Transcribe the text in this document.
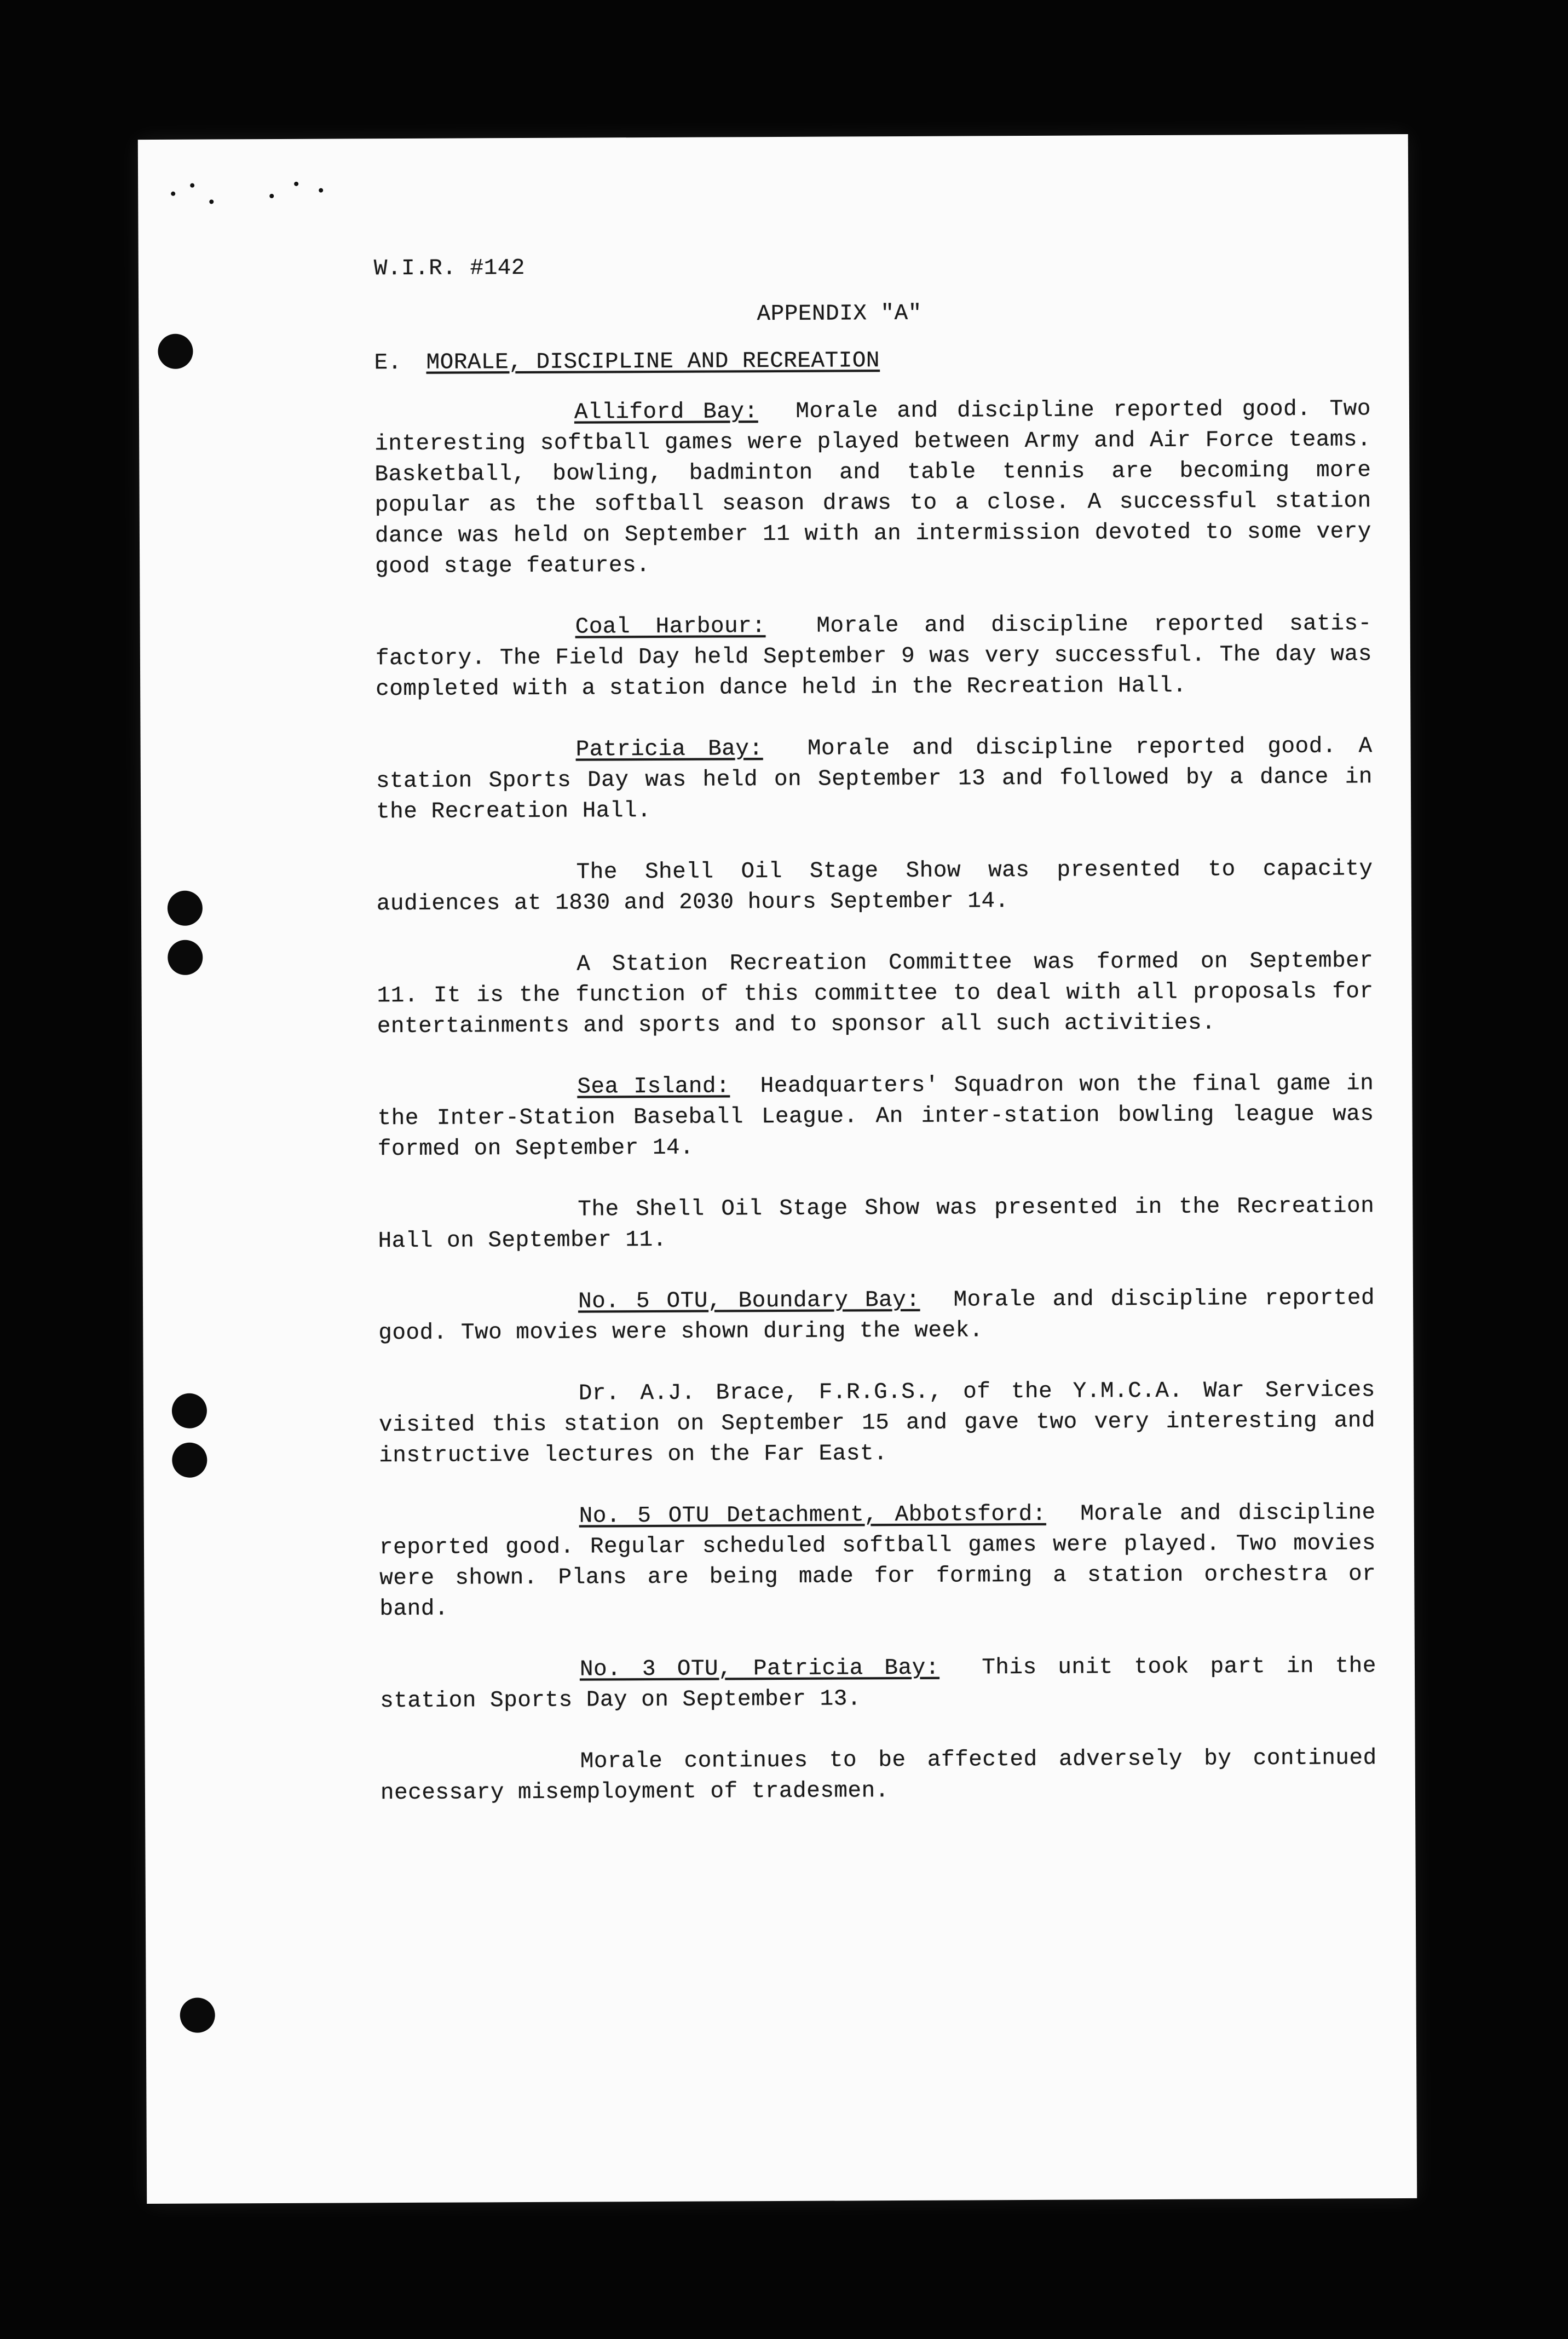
W.I.R. #142

APPENDIX "A"

E. MORALE, DISCIPLINE AND RECREATION

Alliford Bay: Morale and discipline reported good. Two interesting softball games were played between Army and Air Force teams. Basketball, bowling, badminton and table tennis are becoming more popular as the softball season draws to a close. A successful station dance was held on September 11 with an intermission devoted to some very good stage features.

Coal Harbour: Morale and discipline reported satis- factory. The Field Day held September 9 was very successful. The day was completed with a station dance held in the Recreation Hall.

Patricia Bay: Morale and discipline reported good. A station Sports Day was held on September 13 and followed by a dance in the Recreation Hall.

The Shell Oil Stage Show was presented to capacity audiences at 1830 and 2030 hours September 14.

A Station Recreation Committee was formed on September 11. It is the function of this committee to deal with all proposals for entertainments and sports and to sponsor all such activities.

Sea Island: Headquarters' Squadron won the final game in the Inter-Station Baseball League. An inter-station bowling league was formed on September 14.

The Shell Oil Stage Show was presented in the Recreation Hall on September 11.

No. 5 OTU, Boundary Bay: Morale and discipline reported good. Two movies were shown during the week.

Dr. A.J. Brace, F.R.G.S., of the Y.M.C.A. War Services visited this station on September 15 and gave two very interesting and instructive lectures on the Far East.

No. 5 OTU Detachment, Abbotsford: Morale and discipline reported good. Regular scheduled softball games were played. Two movies were shown. Plans are being made for forming a station orchestra or band.

No. 3 OTU, Patricia Bay: This unit took part in the station Sports Day on September 13.

Morale continues to be affected adversely by continued necessary misemployment of tradesmen.
